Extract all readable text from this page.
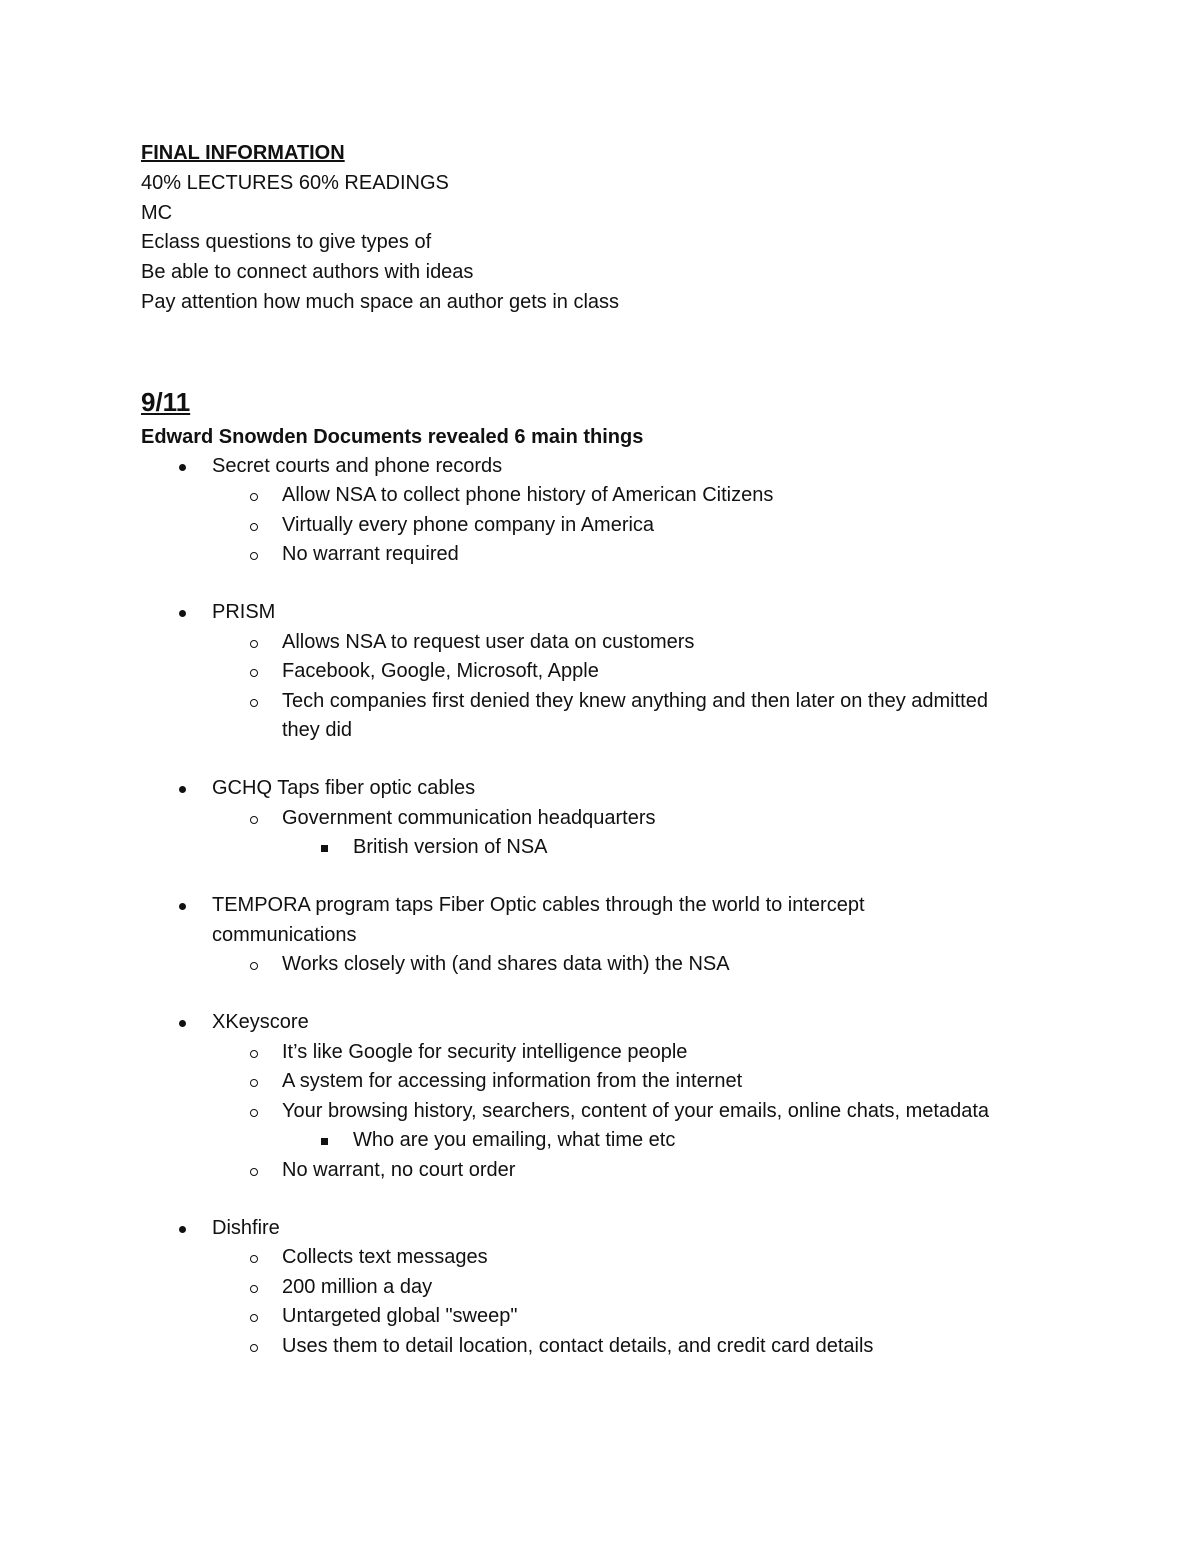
FINAL INFORMATION
40% LECTURES 60% READINGS
MC
Eclass questions to give types of
Be able to connect authors with ideas
Pay attention how much space an author gets in class
9/11
Edward Snowden Documents revealed 6 main things
Secret courts and phone records
Allow NSA to collect phone history of American Citizens
Virtually every phone company in America
No warrant required
PRISM
Allows NSA to request user data on customers
Facebook, Google, Microsoft, Apple
Tech companies first denied they knew anything and then later on they admitted
they did
GCHQ Taps fiber optic cables
Government communication headquarters
British version of NSA
TEMPORA program taps Fiber Optic cables through the world to intercept
communications
Works closely with (and shares data with) the NSA
XKeyscore
It’s like Google for security intelligence people
A system for accessing information from the internet
Your browsing history, searchers, content of your emails, online chats, metadata
Who are you emailing, what time etc
No warrant, no court order
Dishfire
Collects text messages
200 million a day
Untargeted global "sweep"
Uses them to detail location, contact details, and credit card details
